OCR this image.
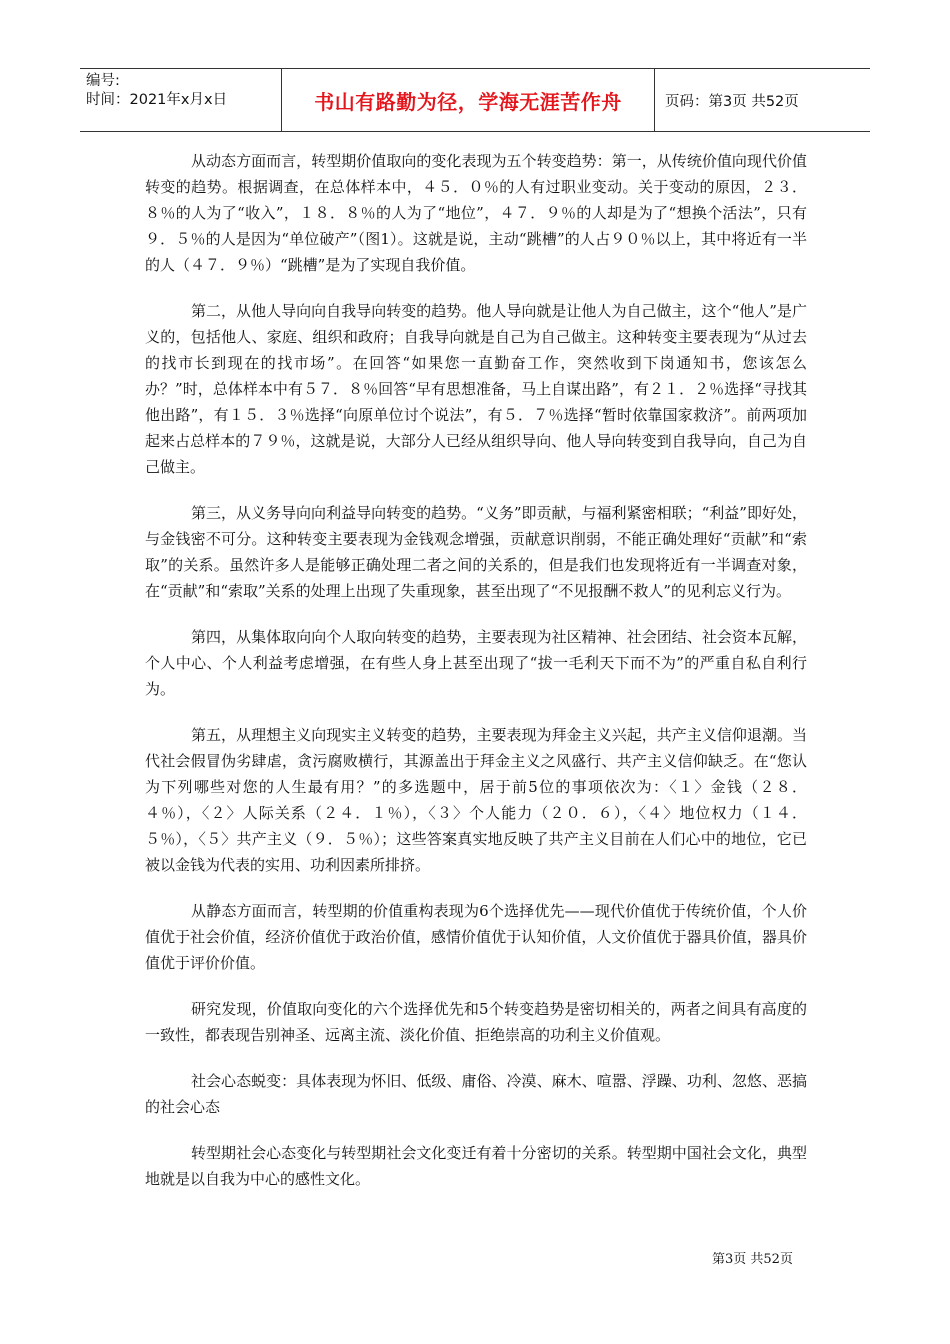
编号:
时间：2021年x月x日	书山有路勤为径，学海无涯苦作舟	页码：第3页 共52页

从动态方面而言，转型期价值取向的变化表现为五个转变趋势：第一，从传统价值向现代价值转变的趋势。根据调查，在总体样本中，４５．０％的人有过职业变动。关于变动的原因，２３．８％的人为了“收入”，１８．８％的人为了“地位”，４７．９％的人却是为了“想换个活法”，只有９．５％的人是因为“单位破产”（图1）。这就是说，主动“跳槽”的人占９０％以上，其中将近有一半的人（４７．９％）“跳槽”是为了实现自我价值。

第二，从他人导向向自我导向转变的趋势。他人导向就是让他人为自己做主，这个“他人”是广义的，包括他人、家庭、组织和政府；自我导向就是自己为自己做主。这种转变主要表现为“从过去的找市长到现在的找市场”。在回答“如果您一直勤奋工作，突然收到下岗通知书，您该怎么办？”时，总体样本中有５７．８％回答“早有思想准备，马上自谋出路”，有２１．２％选择“寻找其他出路”，有１５．３％选择“向原单位讨个说法”，有５．７％选择“暂时依靠国家救济”。前两项加起来占总样本的７９％，这就是说，大部分人已经从组织导向、他人导向转变到自我导向，自己为自己做主。

第三，从义务导向向利益导向转变的趋势。“义务”即贡献，与福利紧密相联；“利益”即好处，与金钱密不可分。这种转变主要表现为金钱观念增强，贡献意识削弱，不能正确处理好“贡献”和“索取”的关系。虽然许多人是能够正确处理二者之间的关系的，但是我们也发现将近有一半调查对象，在“贡献”和“索取”关系的处理上出现了失重现象，甚至出现了“不见报酬不救人”的见利忘义行为。

第四，从集体取向向个人取向转变的趋势，主要表现为社区精神、社会团结、社会资本瓦解，个人中心、个人利益考虑增强，在有些人身上甚至出现了“拔一毛利天下而不为”的严重自私自利行为。

第五，从理想主义向现实主义转变的趋势，主要表现为拜金主义兴起，共产主义信仰退潮。当代社会假冒伪劣肆虐，贪污腐败横行，其源盖出于拜金主义之风盛行、共产主义信仰缺乏。在“您认为下列哪些对您的人生最有用？”的多选题中，居于前5位的事项依次为：〈１〉金钱（２８．４％），〈２〉人际关系（２４．１％），〈３〉个人能力（２０．６），〈４〉地位权力（１４．５％），〈５〉共产主义（９．５％）；这些答案真实地反映了共产主义目前在人们心中的地位，它已被以金钱为代表的实用、功利因素所排挤。

从静态方面而言，转型期的价值重构表现为6个选择优先——现代价值优于传统价值，个人价值优于社会价值，经济价值优于政治价值，感情价值优于认知价值，人文价值优于器具价值，器具价值优于评价价值。

研究发现，价值取向变化的六个选择优先和5个转变趋势是密切相关的，两者之间具有高度的一致性，都表现告别神圣、远离主流、淡化价值、拒绝崇高的功利主义价值观。

社会心态蜕变：具体表现为怀旧、低级、庸俗、冷漠、麻木、喧嚣、浮躁、功利、忽悠、恶搞的社会心态

转型期社会心态变化与转型期社会文化变迁有着十分密切的关系。转型期中国社会文化，典型地就是以自我为中心的感性文化。

第3页 共52页
